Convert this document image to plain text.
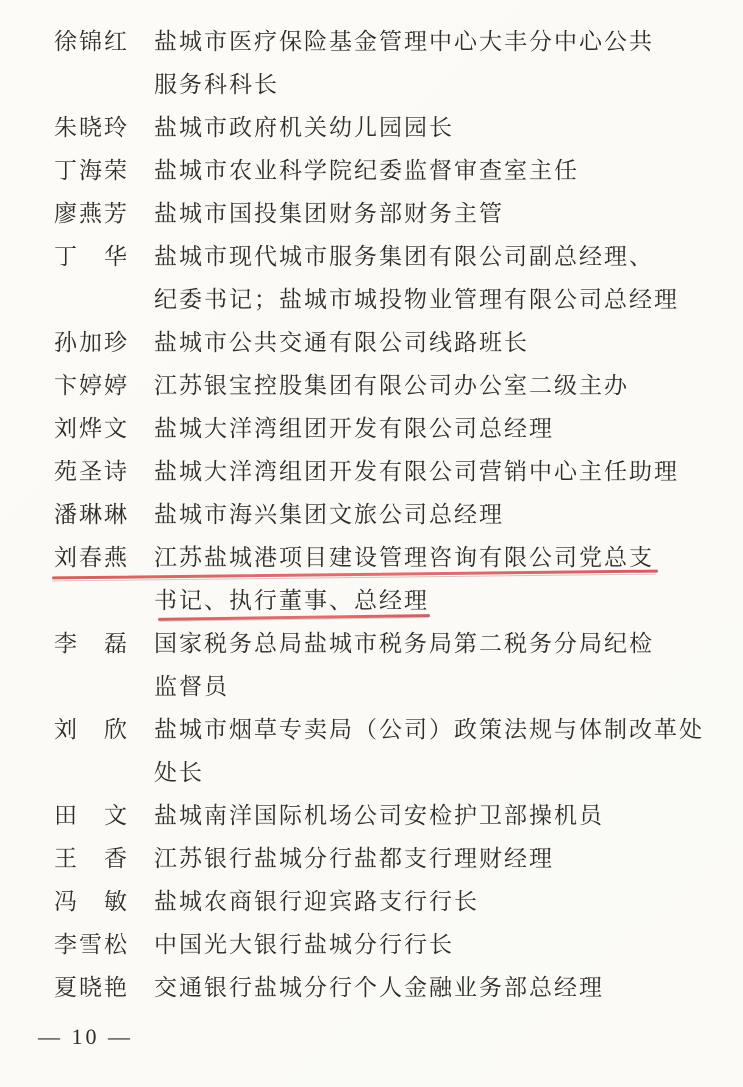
徐锦红	盐城市医疗保险基金管理中心大丰分中心公共
服务科科长
朱晓玲	盐城市政府机关幼儿园园长
丁海荣	盐城市农业科学院纪委监督审查室主任
廖燕芳	盐城市国投集团财务部财务主管
丁　华	盐城市现代城市服务集团有限公司副总经理、
纪委书记；盐城市城投物业管理有限公司总经理
孙加珍	盐城市公共交通有限公司线路班长
卞婷婷	江苏银宝控股集团有限公司办公室二级主办
刘烨文	盐城大洋湾组团开发有限公司总经理
苑圣诗	盐城大洋湾组团开发有限公司营销中心主任助理
潘琳琳	盐城市海兴集团文旅公司总经理
刘春燕	江苏盐城港项目建设管理咨询有限公司党总支
书记、执行董事、总经理
李　磊	国家税务总局盐城市税务局第二税务分局纪检
监督员
刘　欣	盐城市烟草专卖局（公司）政策法规与体制改革处
处长
田　文	盐城南洋国际机场公司安检护卫部操机员
王　香	江苏银行盐城分行盐都支行理财经理
冯　敏	盐城农商银行迎宾路支行行长
李雪松	中国光大银行盐城分行行长
夏晓艳	交通银行盐城分行个人金融业务部总经理
— 10 —
